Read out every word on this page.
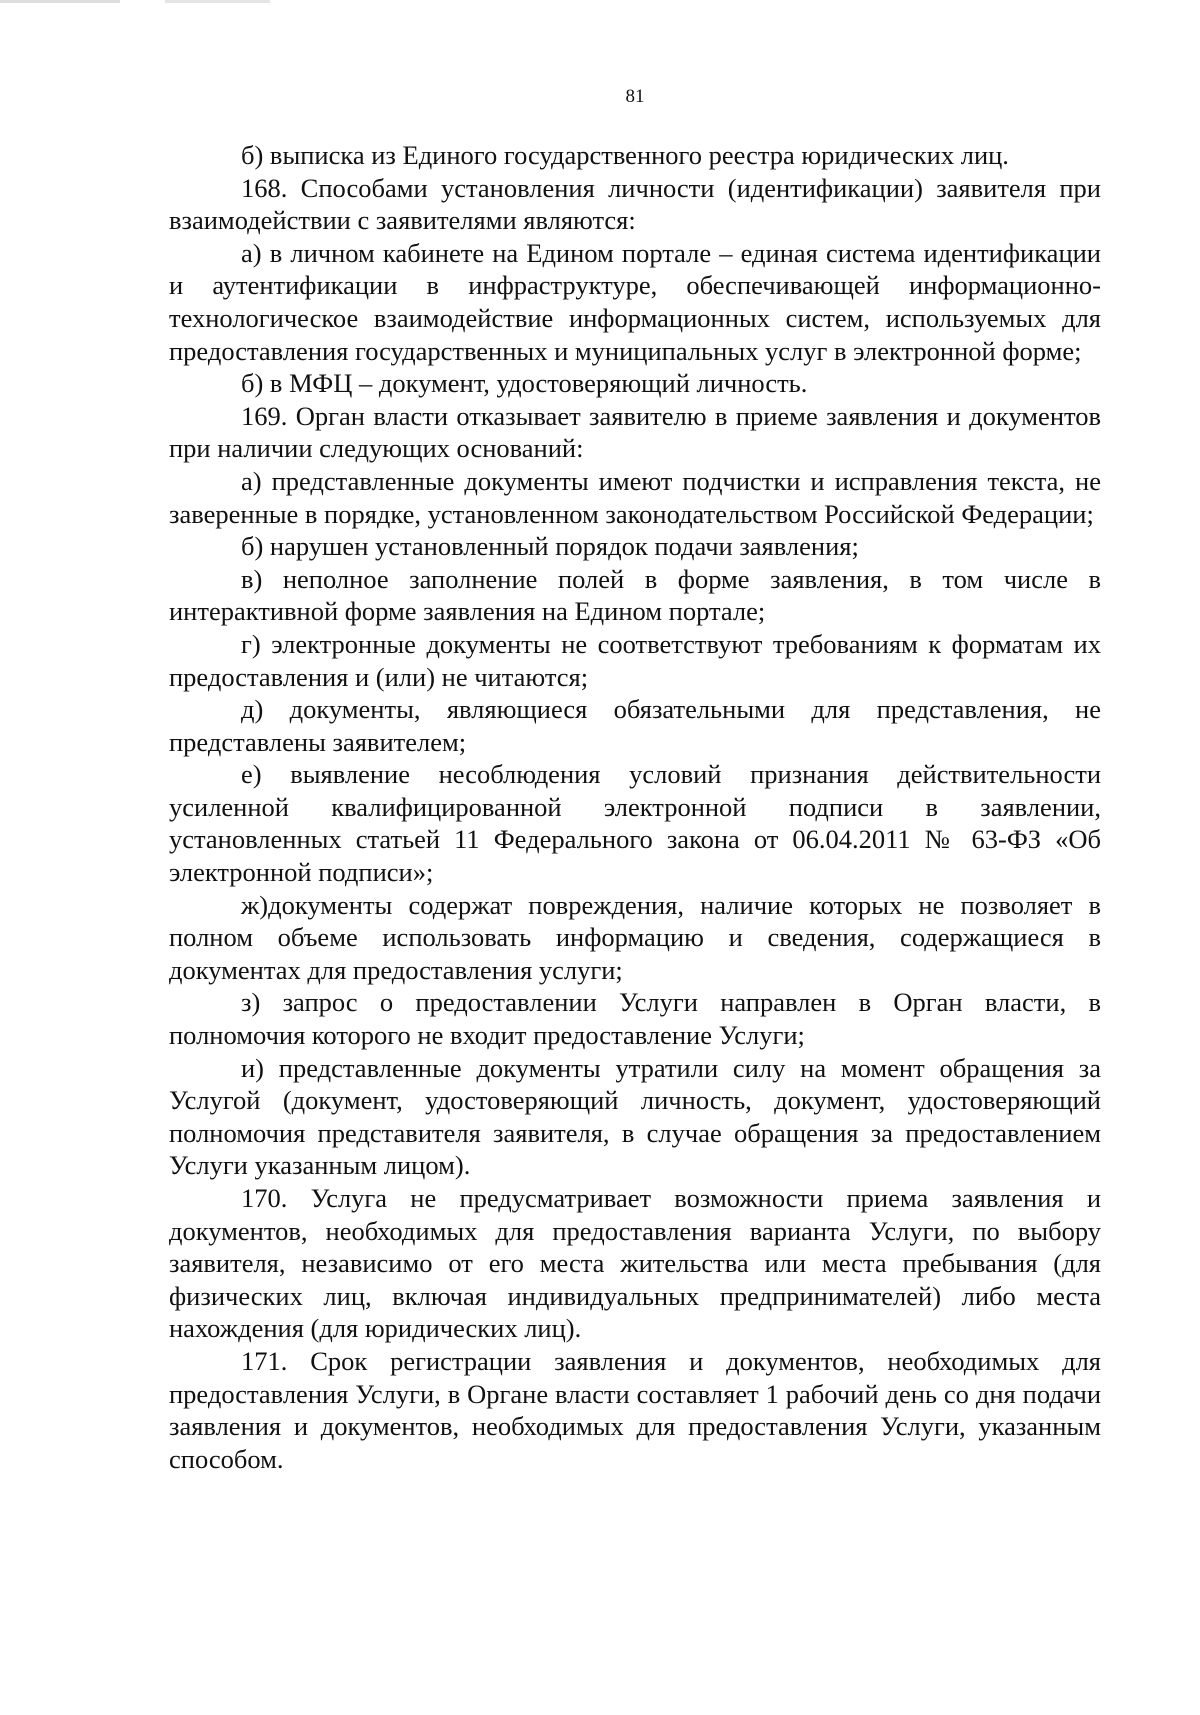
81

б) выписка из Единого государственного реестра юридических лиц.

168. Способами установления личности (идентификации) заявителя при взаимодействии с заявителями являются:

а) в личном кабинете на Едином портале – единая система идентификации и аутентификации в инфраструктуре, обеспечивающей информационно-технологическое взаимодействие информационных систем, используемых для предоставления государственных и муниципальных услуг в электронной форме;

б) в МФЦ – документ, удостоверяющий личность.

169. Орган власти отказывает заявителю в приеме заявления и документов при наличии следующих оснований:

а) представленные документы имеют подчистки и исправления текста, не заверенные в порядке, установленном законодательством Российской Федерации;

б) нарушен установленный порядок подачи заявления;

в) неполное заполнение полей в форме заявления, в том числе в интерактивной форме заявления на Едином портале;

г) электронные документы не соответствуют требованиям к форматам их предоставления и (или) не читаются;

д) документы, являющиеся обязательными для представления, не представлены заявителем;

е) выявление несоблюдения условий признания действительности усиленной квалифицированной электронной подписи в заявлении, установленных статьей 11 Федерального закона от 06.04.2011 № 63-ФЗ «Об электронной подписи»;

ж)документы содержат повреждения, наличие которых не позволяет в полном объеме использовать информацию и сведения, содержащиеся в документах для предоставления услуги;

з) запрос о предоставлении Услуги направлен в Орган власти, в полномочия которого не входит предоставление Услуги;

и) представленные документы утратили силу на момент обращения за Услугой (документ, удостоверяющий личность, документ, удостоверяющий полномочия представителя заявителя, в случае обращения за предоставлением Услуги указанным лицом).

170. Услуга не предусматривает возможности приема заявления и документов, необходимых для предоставления варианта Услуги, по выбору заявителя, независимо от его места жительства или места пребывания (для физических лиц, включая индивидуальных предпринимателей) либо места нахождения (для юридических лиц).

171. Срок регистрации заявления и документов, необходимых для предоставления Услуги, в Органе власти составляет 1 рабочий день со дня подачи заявления и документов, необходимых для предоставления Услуги, указанным способом.
